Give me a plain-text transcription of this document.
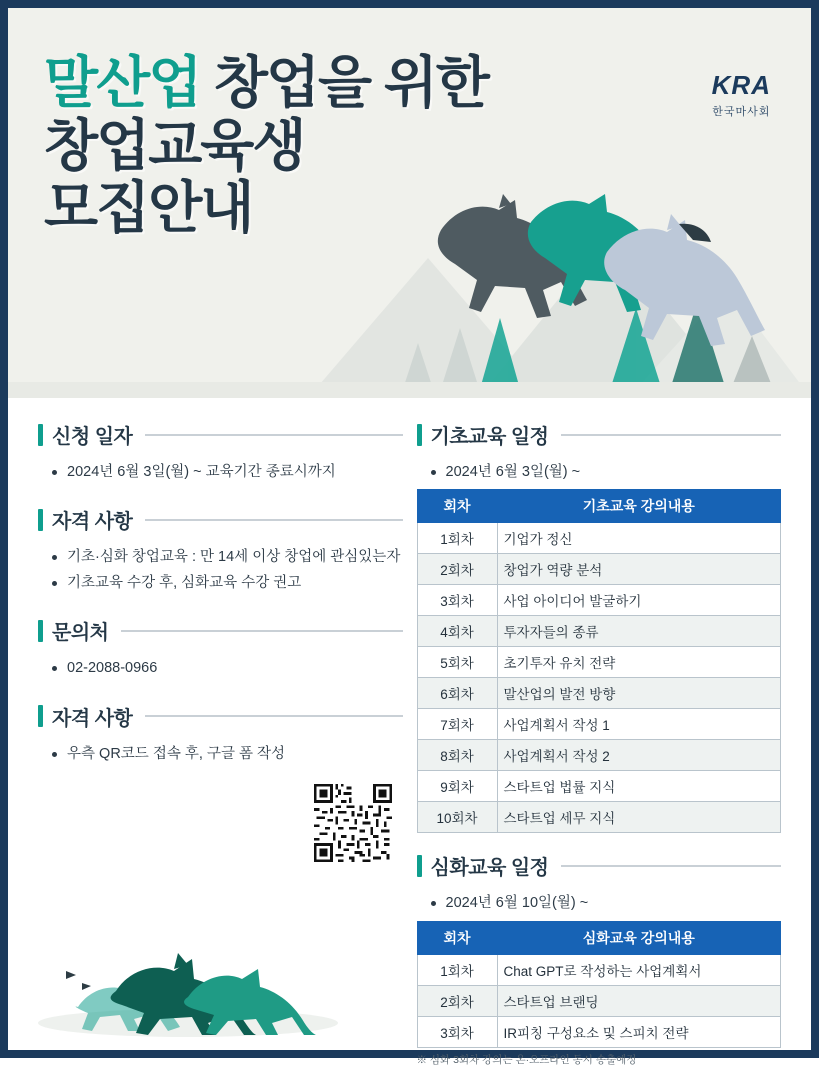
말산업 창업을 위한
창업교육생
모집안내
KRA
한국마사회
신청 일자
2024년 6월 3일(월) ~ 교육기간 종료시까지
자격 사항
기초·심화 창업교육 : 만 14세 이상 창업에 관심있는자
기초교육 수강 후, 심화교육 수강 권고
문의처
02-2088-0966
자격 사항
우측 QR코드 접속 후, 구글 폼 작성
기초교육 일정
2024년 6월 3일(월) ~
회차	기초교육 강의내용
1회차	기업가 정신
2회차	창업가 역량 분석
3회차	사업 아이디어 발굴하기
4회차	투자자들의 종류
5회차	초기투자 유치 전략
6회차	말산업의 발전 방향
7회차	사업계획서 작성 1
8회차	사업계획서 작성 2
9회차	스타트업 법률 지식
10회차	스타트업 세무 지식
심화교육 일정
2024년 6월 10일(월) ~
회차	심화교육 강의내용
1회차	Chat GPT로 작성하는 사업계획서
2회차	스타트업 브랜딩
3회차	IR피칭 구성요소 및 스피치 전략
※ 심화 3회차 강의는 온·오프라인 동시 송출예정
